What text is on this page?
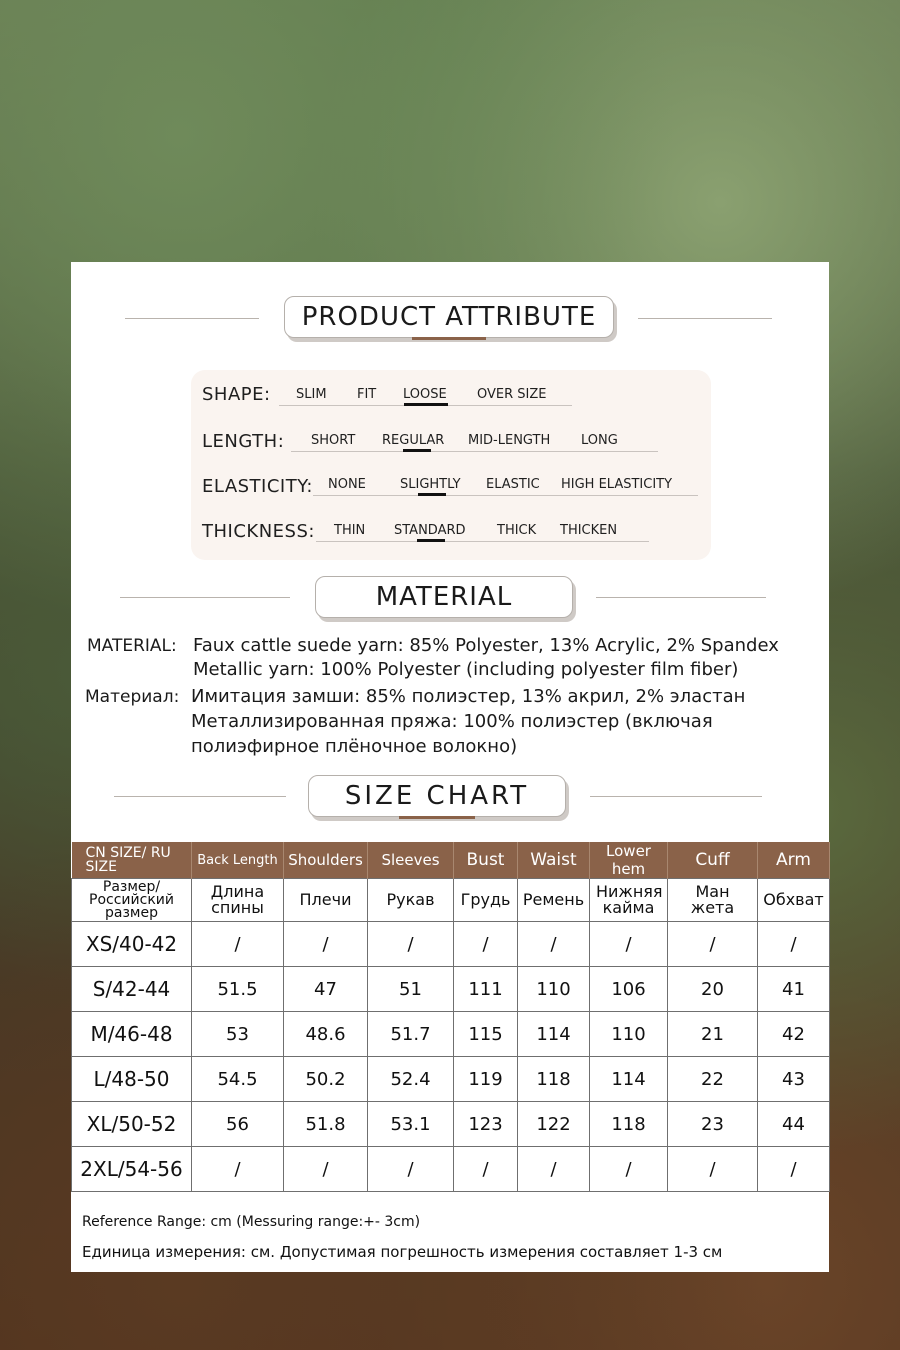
PRODUCT ATTRIBUTE
SHAPE: SLIM FIT LOOSE OVER SIZE
LENGTH: SHORT REGULAR MID-LENGTH LONG
ELASTICITY: NONE	SLIGHTLY ELASTIC HIGH ELASTICITY
THICKNESS: THIN STANDARD THICK THICKEN
MATERIAL
MATERIAL: Faux cattle suede yarn: 85% Polyester, 13% Acrylic, 2% Spandex
Metallic yarn: 100% Polyester (including polyester film fiber)
Материал: Имитация замши: 85% полиэстер, 13% акрил, 2% эластан
Металлизированная пряжа: 100% полиэстер (включая
полиэфирное плёночное волокно)
SIZE CHART
CN SIZE/ RU SIZE	Back Length	Shoulders	Sleeves	Bust	Waist	Lower hem	Cuff	Arm
Размер/ Российский размер	Длина спины	Плечи	Рукав	Грудь	Ремень	Нижняя кайма	Ман жета	Обхват
XS/40-42	/	/	/	/	/	/	/	/
S/42-44	51.5	47	51	111	110	106	20	41
M/46-48	53	48.6	51.7	115	114	110	21	42
L/48-50	54.5	50.2	52.4	119	118	114	22	43
XL/50-52	56	51.8	53.1	123	122	118	23	44
2XL/54-56	/	/	/	/	/	/	/	/
Reference Range: cm (Messuring range:+- 3cm)
Единица измерения: см. Допустимая погрешность измерения составляет 1-3 см
